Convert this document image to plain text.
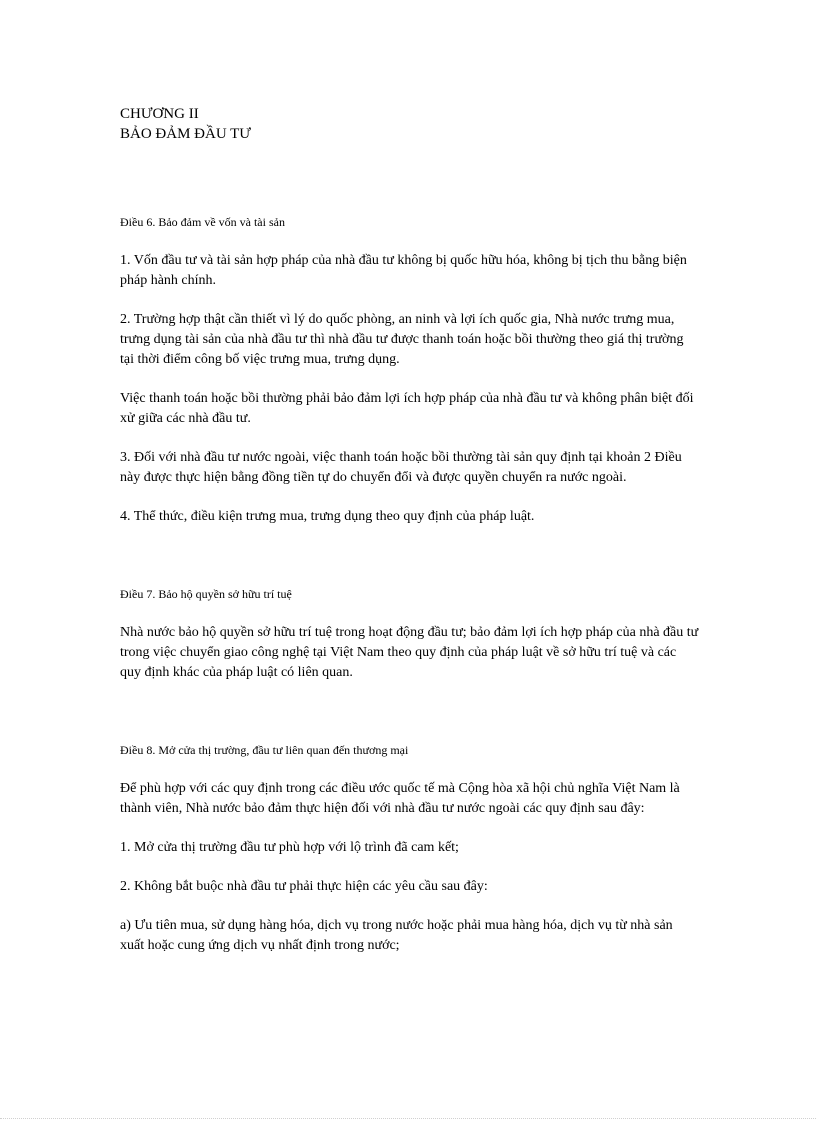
CHƯƠNG II

BẢO ĐẢM ĐẦU TƯ

Điều 6. Bảo đảm về vốn và tài sản

1. Vốn đầu tư và tài sản hợp pháp của nhà đầu tư không bị quốc hữu hóa, không bị tịch thu bằng biện pháp hành chính.

2. Trường hợp thật cần thiết vì lý do quốc phòng, an ninh và lợi ích quốc gia, Nhà nước trưng mua, trưng dụng tài sản của nhà đầu tư thì nhà đầu tư được thanh toán hoặc bồi thường theo giá thị trường tại thời điểm công bố việc trưng mua, trưng dụng.

Việc thanh toán hoặc bồi thường phải bảo đảm lợi ích hợp pháp của nhà đầu tư và không phân biệt đối xử giữa các nhà đầu tư.

3. Đối với nhà đầu tư nước ngoài, việc thanh toán hoặc bồi thường tài sản quy định tại khoản 2 Điều này được thực hiện bằng đồng tiền tự do chuyển đổi và được quyền chuyển ra nước ngoài.

4. Thể thức, điều kiện trưng mua, trưng dụng theo quy định của pháp luật.

Điều 7. Bảo hộ quyền sở hữu trí tuệ

Nhà nước bảo hộ quyền sở hữu trí tuệ trong hoạt động đầu tư; bảo đảm lợi ích hợp pháp của nhà đầu tư trong việc chuyển giao công nghệ tại Việt Nam theo quy định của pháp luật về sở hữu trí tuệ và các quy định khác của pháp luật có liên quan.

Điều 8. Mở cửa thị trường, đầu tư liên quan đến thương mại

Để phù hợp với các quy định trong các điều ước quốc tế mà Cộng hòa xã hội chủ nghĩa Việt Nam là thành viên, Nhà nước bảo đảm thực hiện đối với nhà đầu tư nước ngoài các quy định sau đây:

1. Mở cửa thị trường đầu tư phù hợp với lộ trình đã cam kết;

2. Không bắt buộc nhà đầu tư phải thực hiện các yêu cầu sau đây:

a) Ưu tiên mua, sử dụng hàng hóa, dịch vụ trong nước hoặc phải mua hàng hóa, dịch vụ từ nhà sản xuất hoặc cung ứng dịch vụ nhất định trong nước;
